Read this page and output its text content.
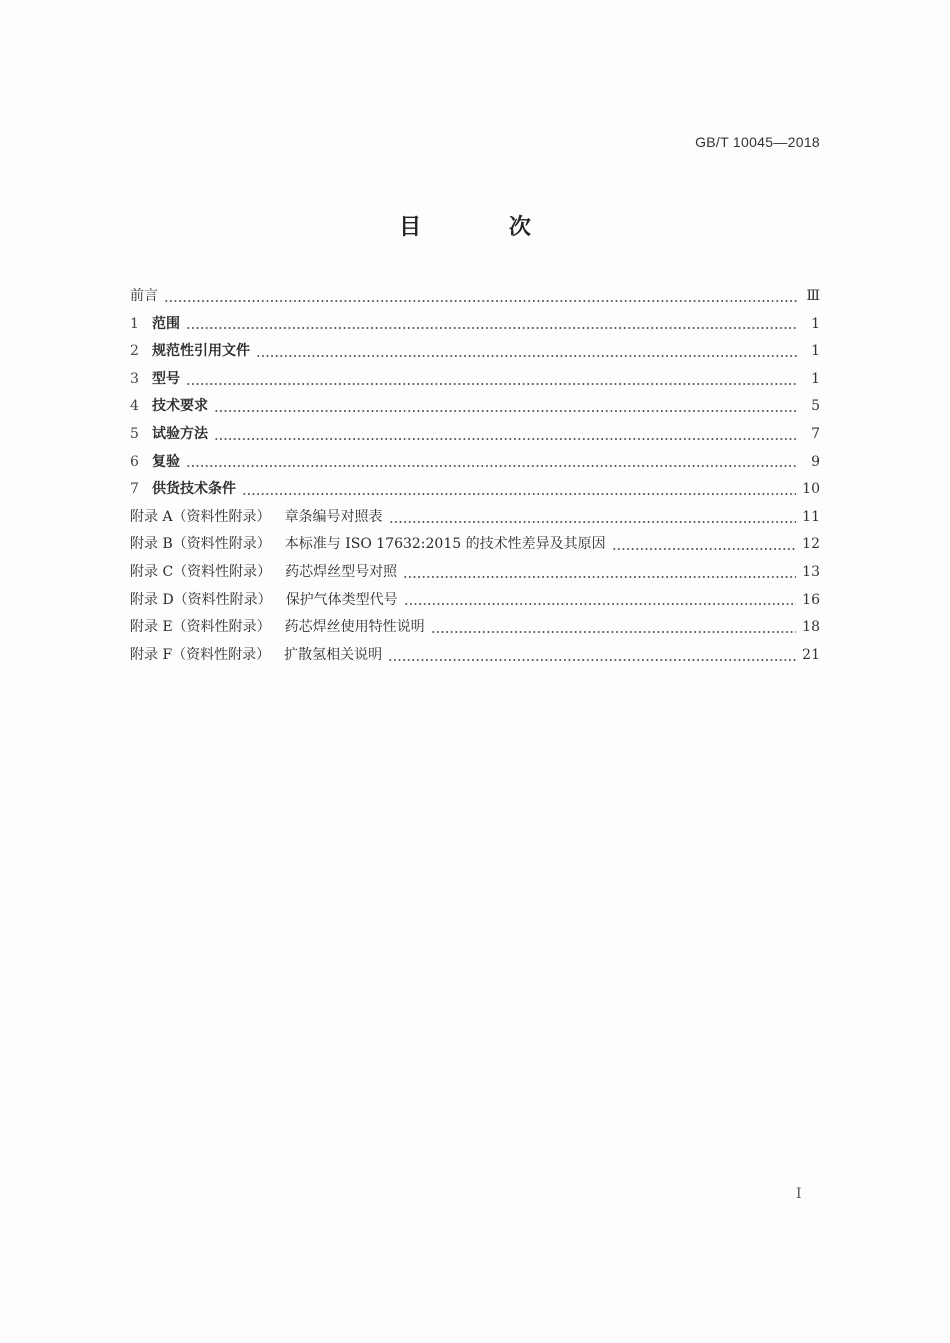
GB/T 10045—2018
目 次
前言	Ⅲ
1 范围	1
2 规范性引用文件	1
3 型号	1
4 技术要求	5
5 试验方法	7
6 复验	9
7 供货技术条件	10
附录 A（资料性附录） 章条编号对照表	11
附录 B（资料性附录） 本标准与 ISO 17632:2015 的技术性差异及其原因	12
附录 C（资料性附录） 药芯焊丝型号对照	13
附录 D（资料性附录） 保护气体类型代号	16
附录 E（资料性附录） 药芯焊丝使用特性说明	18
附录 F（资料性附录） 扩散氢相关说明	21
I
